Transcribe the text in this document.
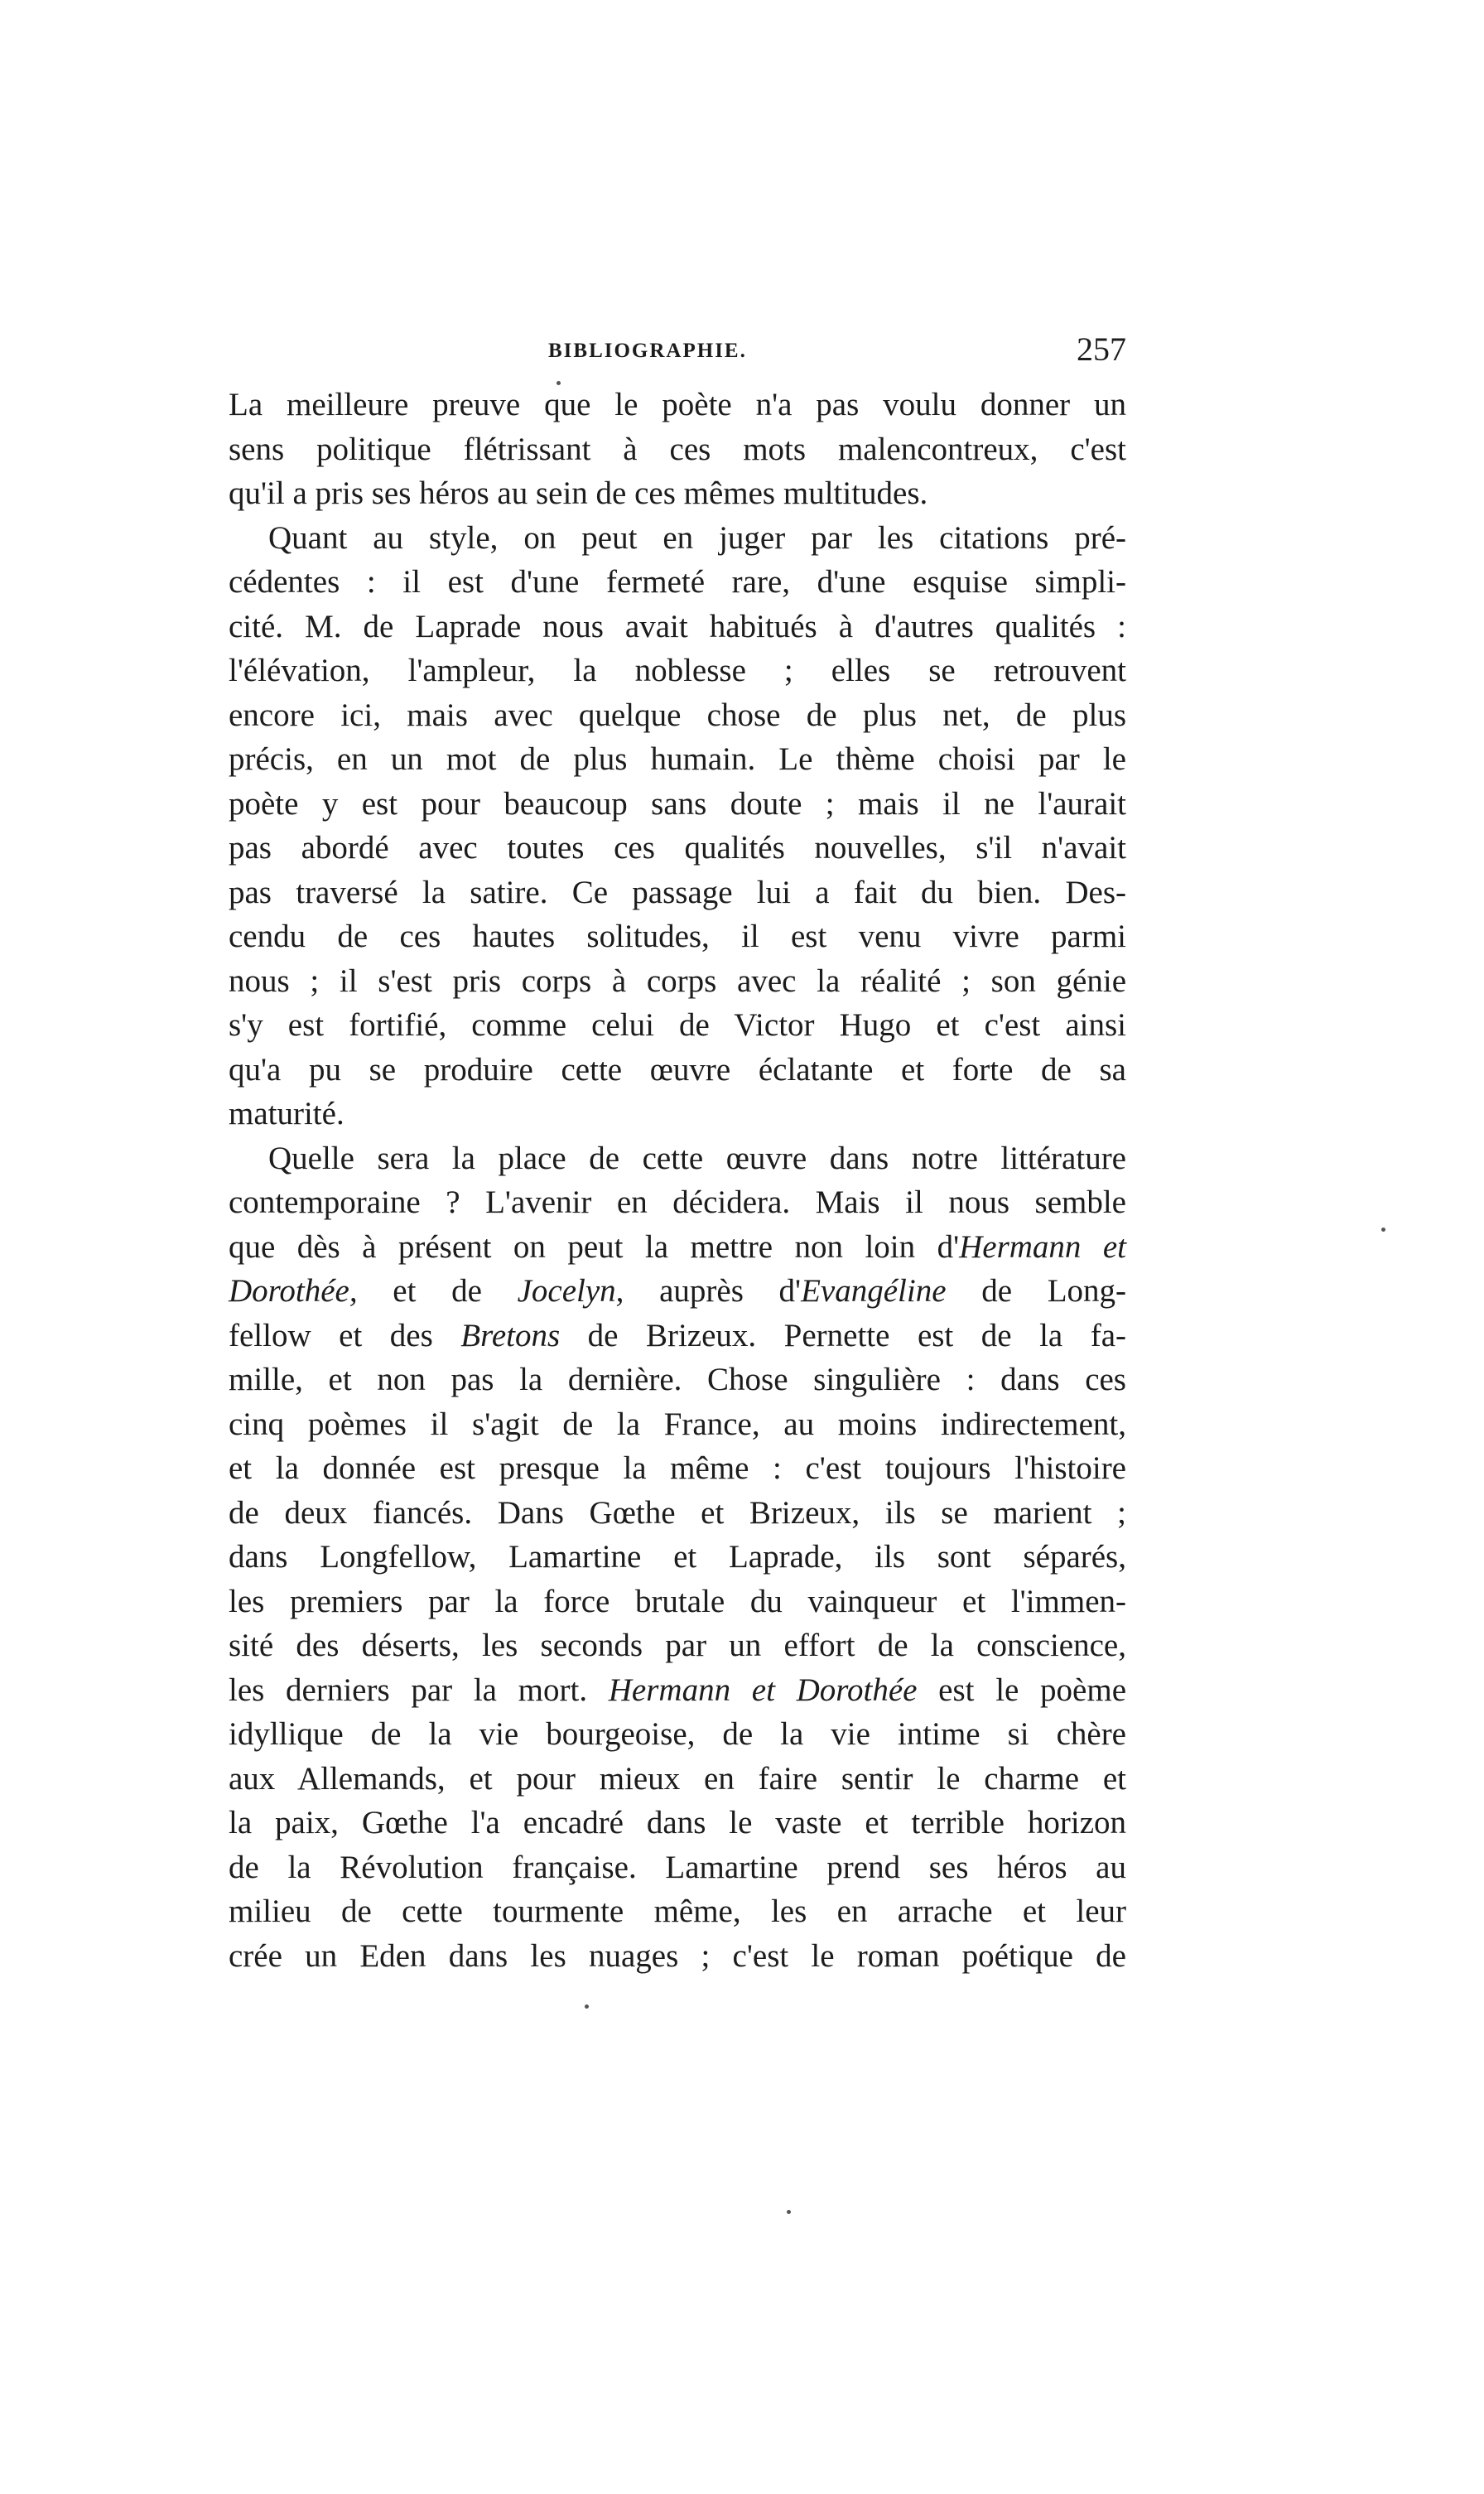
BIBLIOGRAPHIE.	257
La meilleure preuve que le poète n'a pas voulu donner un
sens politique flétrissant à ces mots malencontreux, c'est
qu'il a pris ses héros au sein de ces mêmes multitudes.
Quant au style, on peut en juger par les citations pré-
cédentes : il est d'une fermeté rare, d'une esquise simpli-
cité. M. de Laprade nous avait habitués à d'autres qualités :
l'élévation, l'ampleur, la noblesse ; elles se retrouvent
encore ici, mais avec quelque chose de plus net, de plus
précis, en un mot de plus humain. Le thème choisi par le
poète y est pour beaucoup sans doute ; mais il ne l'aurait
pas abordé avec toutes ces qualités nouvelles, s'il n'avait
pas traversé la satire. Ce passage lui a fait du bien. Des-
cendu de ces hautes solitudes, il est venu vivre parmi
nous ; il s'est pris corps à corps avec la réalité ; son génie
s'y est fortifié, comme celui de Victor Hugo et c'est ainsi
qu'a pu se produire cette œuvre éclatante et forte de sa
maturité.
Quelle sera la place de cette œuvre dans notre littérature
contemporaine ? L'avenir en décidera. Mais il nous semble
que dès à présent on peut la mettre non loin d'Hermann et
Dorothée, et de Jocelyn, auprès d'Evangéline de Long-
fellow et des Bretons de Brizeux. Pernette est de la fa-
mille, et non pas la dernière. Chose singulière : dans ces
cinq poèmes il s'agit de la France, au moins indirectement,
et la donnée est presque la même : c'est toujours l'histoire
de deux fiancés. Dans Gœthe et Brizeux, ils se marient ;
dans Longfellow, Lamartine et Laprade, ils sont séparés,
les premiers par la force brutale du vainqueur et l'immen-
sité des déserts, les seconds par un effort de la conscience,
les derniers par la mort. Hermann et Dorothée est le poème
idyllique de la vie bourgeoise, de la vie intime si chère
aux Allemands, et pour mieux en faire sentir le charme et
la paix, Gœthe l'a encadré dans le vaste et terrible horizon
de la Révolution française. Lamartine prend ses héros au
milieu de cette tourmente même, les en arrache et leur
crée un Eden dans les nuages ; c'est le roman poétique de
